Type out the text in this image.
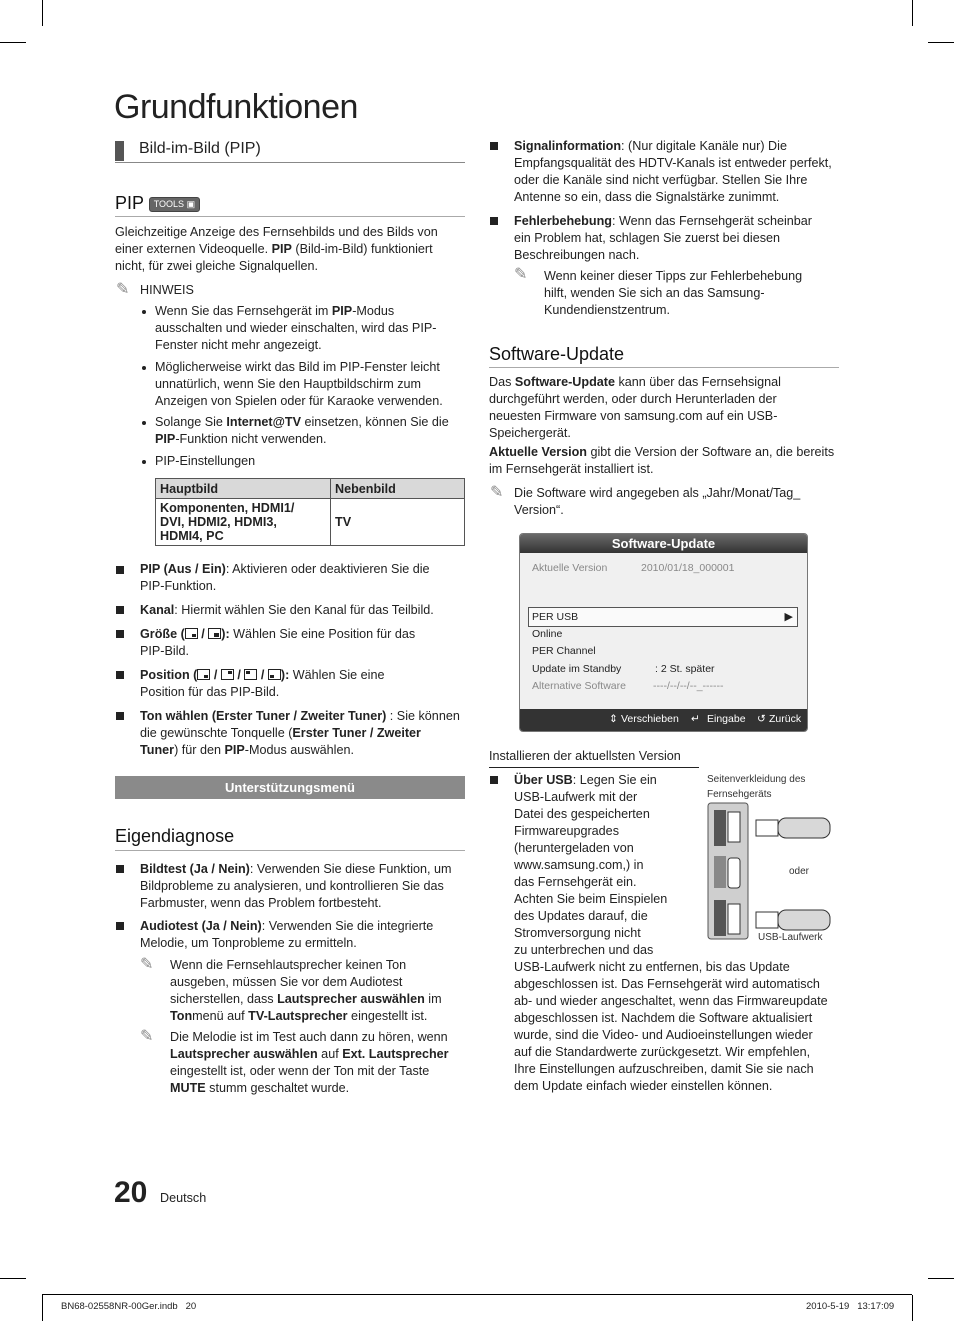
Grundfunktionen
Bild-im-Bild (PIP)
PIP TOOLS ▣
Gleichzeitige Anzeige des Fernsehbilds und des Bilds von
einer externen Videoquelle. PIP (Bild-im-Bild) funktioniert
nicht, für zwei gleiche Signalquellen.
✎ HINWEIS
Wenn Sie das Fernsehgerät im PIP-Modus
ausschalten und wieder einschalten, wird das PIP-
Fenster nicht mehr angezeigt.
Möglicherweise wirkt das Bild im PIP-Fenster leicht
unnatürlich, wenn Sie den Hauptbildschirm zum
Anzeigen von Spielen oder für Karaoke verwenden.
Solange Sie Internet@TV einsetzen, können Sie die
PIP-Funktion nicht verwenden.
PIP-Einstellungen
Hauptbild	Nebenbild

Komponenten, HDMI1/
DVI, HDMI2, HDMI3,
HDMI4, PC	TV
PIP (Aus / Ein): Aktivieren oder deaktivieren Sie die
PIP-Funktion.
Kanal: Hiermit wählen Sie den Kanal für das Teilbild.
Größe (
/
): Wählen Sie eine Position für das
PIP-Bild.
Position (
/
/
/
): Wählen Sie eine
Position für das PIP-Bild.
Ton wählen (Erster Tuner / Zweiter Tuner) : Sie können
die gewünschte Tonquelle (Erster Tuner / Zweiter
Tuner) für den PIP-Modus auswählen.
Unterstützungsmenü
Eigendiagnose
Bildtest (Ja / Nein): Verwenden Sie diese Funktion, um
Bildprobleme zu analysieren, und kontrollieren Sie das
Farbmuster, wenn das Problem fortbesteht.
Audiotest (Ja / Nein): Verwenden Sie die integrierte
Melodie, um Tonprobleme zu ermitteln.
✎ Wenn die Fernsehlautsprecher keinen Ton
ausgeben, müssen Sie vor dem Audiotest
sicherstellen, dass Lautsprecher auswählen im
Tonmenü auf TV-Lautsprecher eingestellt ist.
✎ Die Melodie ist im Test auch dann zu hören, wenn
Lautsprecher auswählen auf Ext. Lautsprecher
eingestellt ist, oder wenn der Ton mit der Taste
MUTE stumm geschaltet wurde.
Signalinformation: (Nur digitale Kanäle nur) Die
Empfangsqualität des HDTV-Kanals ist entweder perfekt,
oder die Kanäle sind nicht verfügbar. Stellen Sie Ihre
Antenne so ein, dass die Signalstärke zunimmt.
Fehlerbehebung: Wenn das Fernsehgerät scheinbar
ein Problem hat, schlagen Sie zuerst bei diesen
Beschreibungen nach.
✎ Wenn keiner dieser Tipps zur Fehlerbehebung
hilft, wenden Sie sich an das Samsung-
Kundendienstzentrum.
Software-Update
Das Software-Update kann über das Fernsehsignal
durchgeführt werden, oder durch Herunterladen der
neuesten Firmware von samsung.com auf ein USB-
Speichergerät.
Aktuelle Version gibt die Version der Software an, die bereits
im Fernsehgerät installiert ist.
✎ Die Software wird angegeben als „Jahr/Monat/Tag_
Version“.
Software-Update
Aktuelle Version	2010/01/18_000001
PER USB	▶
Online
PER Channel
Update im Standby	: 2 St. später
Alternative Software	----/--/--/--_------
⇕ Verschieben ↵ Eingabe ↺ Zurück
Installieren der aktuellsten Version
Über USB: Legen Sie ein
USB-Laufwerk mit der
Datei des gespeicherten
Firmwareupgrades
(heruntergeladen von
www.samsung.com,) in
das Fernsehgerät ein.
Achten Sie beim Einspielen
des Updates darauf, die
Stromversorgung nicht
zu unterbrechen und das
USB-Laufwerk nicht zu entfernen, bis das Update
abgeschlossen ist. Das Fernsehgerät wird automatisch
ab- und wieder angeschaltet, wenn das Firmwareupdate
abgeschlossen ist. Nachdem die Software aktualisiert
wurde, sind die Video- und Audioeinstellungen wieder
auf die Standardwerte zurückgesetzt. Wir empfehlen,
Ihre Einstellungen aufzuschreiben, damit Sie sie nach
dem Update einfach wieder einstellen können.
Seitenverkleidung des
Fernsehgeräts
oder
USB-Laufwerk
20 Deutsch
BN68-02558NR-00Ger.indb   20	2010-5-19   13:17:09
